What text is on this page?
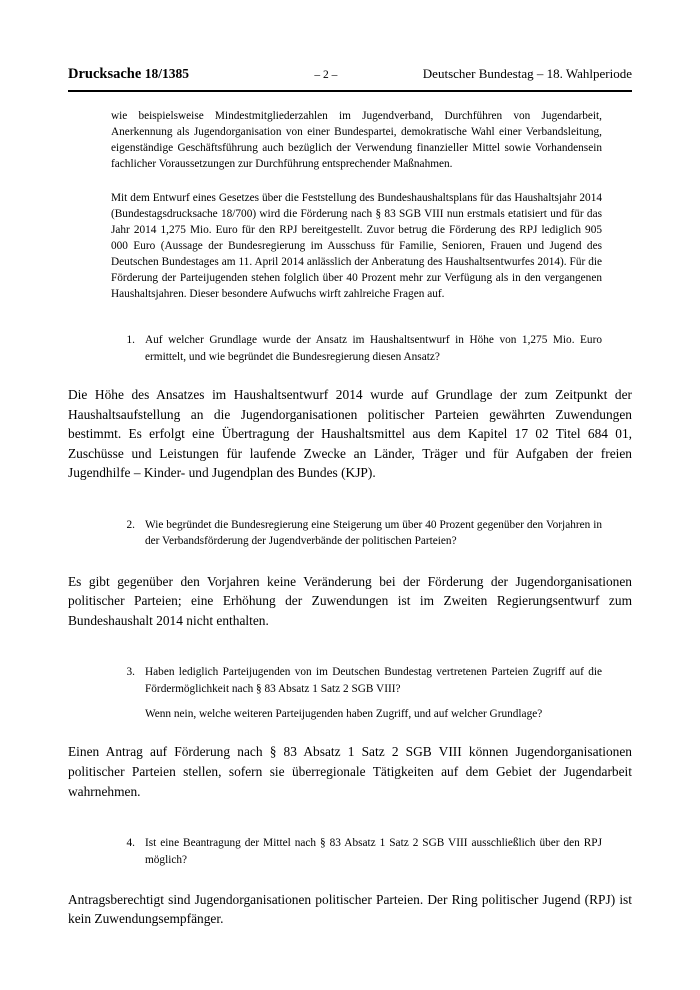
Drucksache 18/1385	– 2 –	Deutscher Bundestag – 18. Wahlperiode

wie beispielsweise Mindestmitgliederzahlen im Jugendverband, Durchführen von Jugendarbeit, Anerkennung als Jugendorganisation von einer Bundespartei, demokratische Wahl einer Verbandsleitung, eigenständige Geschäftsführung auch bezüglich der Verwendung finanzieller Mittel sowie Vorhandensein fachlicher Voraussetzungen zur Durchführung entsprechender Maßnahmen.

Mit dem Entwurf eines Gesetzes über die Feststellung des Bundeshaushaltsplans für das Haushaltsjahr 2014 (Bundestagsdrucksache 18/700) wird die Förderung nach § 83 SGB VIII nun erstmals etatisiert und für das Jahr 2014 1,275 Mio. Euro für den RPJ bereitgestellt. Zuvor betrug die Förderung des RPJ lediglich 905 000 Euro (Aussage der Bundesregierung im Ausschuss für Familie, Senioren, Frauen und Jugend des Deutschen Bundestages am 11. April 2014 anlässlich der Anberatung des Haushaltsentwurfes 2014). Für die Förderung der Parteijugenden stehen folglich über 40 Prozent mehr zur Verfügung als in den vergangenen Haushaltsjahren. Dieser besondere Aufwuchs wirft zahlreiche Fragen auf.

1. Auf welcher Grundlage wurde der Ansatz im Haushaltsentwurf in Höhe von 1,275 Mio. Euro ermittelt, und wie begründet die Bundesregierung diesen Ansatz?

Die Höhe des Ansatzes im Haushaltsentwurf 2014 wurde auf Grundlage der zum Zeitpunkt der Haushaltsaufstellung an die Jugendorganisationen politischer Parteien gewährten Zuwendungen bestimmt. Es erfolgt eine Übertragung der Haushaltsmittel aus dem Kapitel 17 02 Titel 684 01, Zuschüsse und Leistungen für laufende Zwecke an Länder, Träger und für Aufgaben der freien Jugendhilfe – Kinder- und Jugendplan des Bundes (KJP).

2. Wie begründet die Bundesregierung eine Steigerung um über 40 Prozent gegenüber den Vorjahren in der Verbandsförderung der Jugendverbände der politischen Parteien?

Es gibt gegenüber den Vorjahren keine Veränderung bei der Förderung der Jugendorganisationen politischer Parteien; eine Erhöhung der Zuwendungen ist im Zweiten Regierungsentwurf zum Bundeshaushalt 2014 nicht enthalten.

3. Haben lediglich Parteijugenden von im Deutschen Bundestag vertretenen Parteien Zugriff auf die Fördermöglichkeit nach § 83 Absatz 1 Satz 2 SGB VIII?
Wenn nein, welche weiteren Parteijugenden haben Zugriff, und auf welcher Grundlage?

Einen Antrag auf Förderung nach § 83 Absatz 1 Satz 2 SGB VIII können Jugendorganisationen politischer Parteien stellen, sofern sie überregionale Tätigkeiten auf dem Gebiet der Jugendarbeit wahrnehmen.

4. Ist eine Beantragung der Mittel nach § 83 Absatz 1 Satz 2 SGB VIII ausschließlich über den RPJ möglich?

Antragsberechtigt sind Jugendorganisationen politischer Parteien. Der Ring politischer Jugend (RPJ) ist kein Zuwendungsempfänger.
